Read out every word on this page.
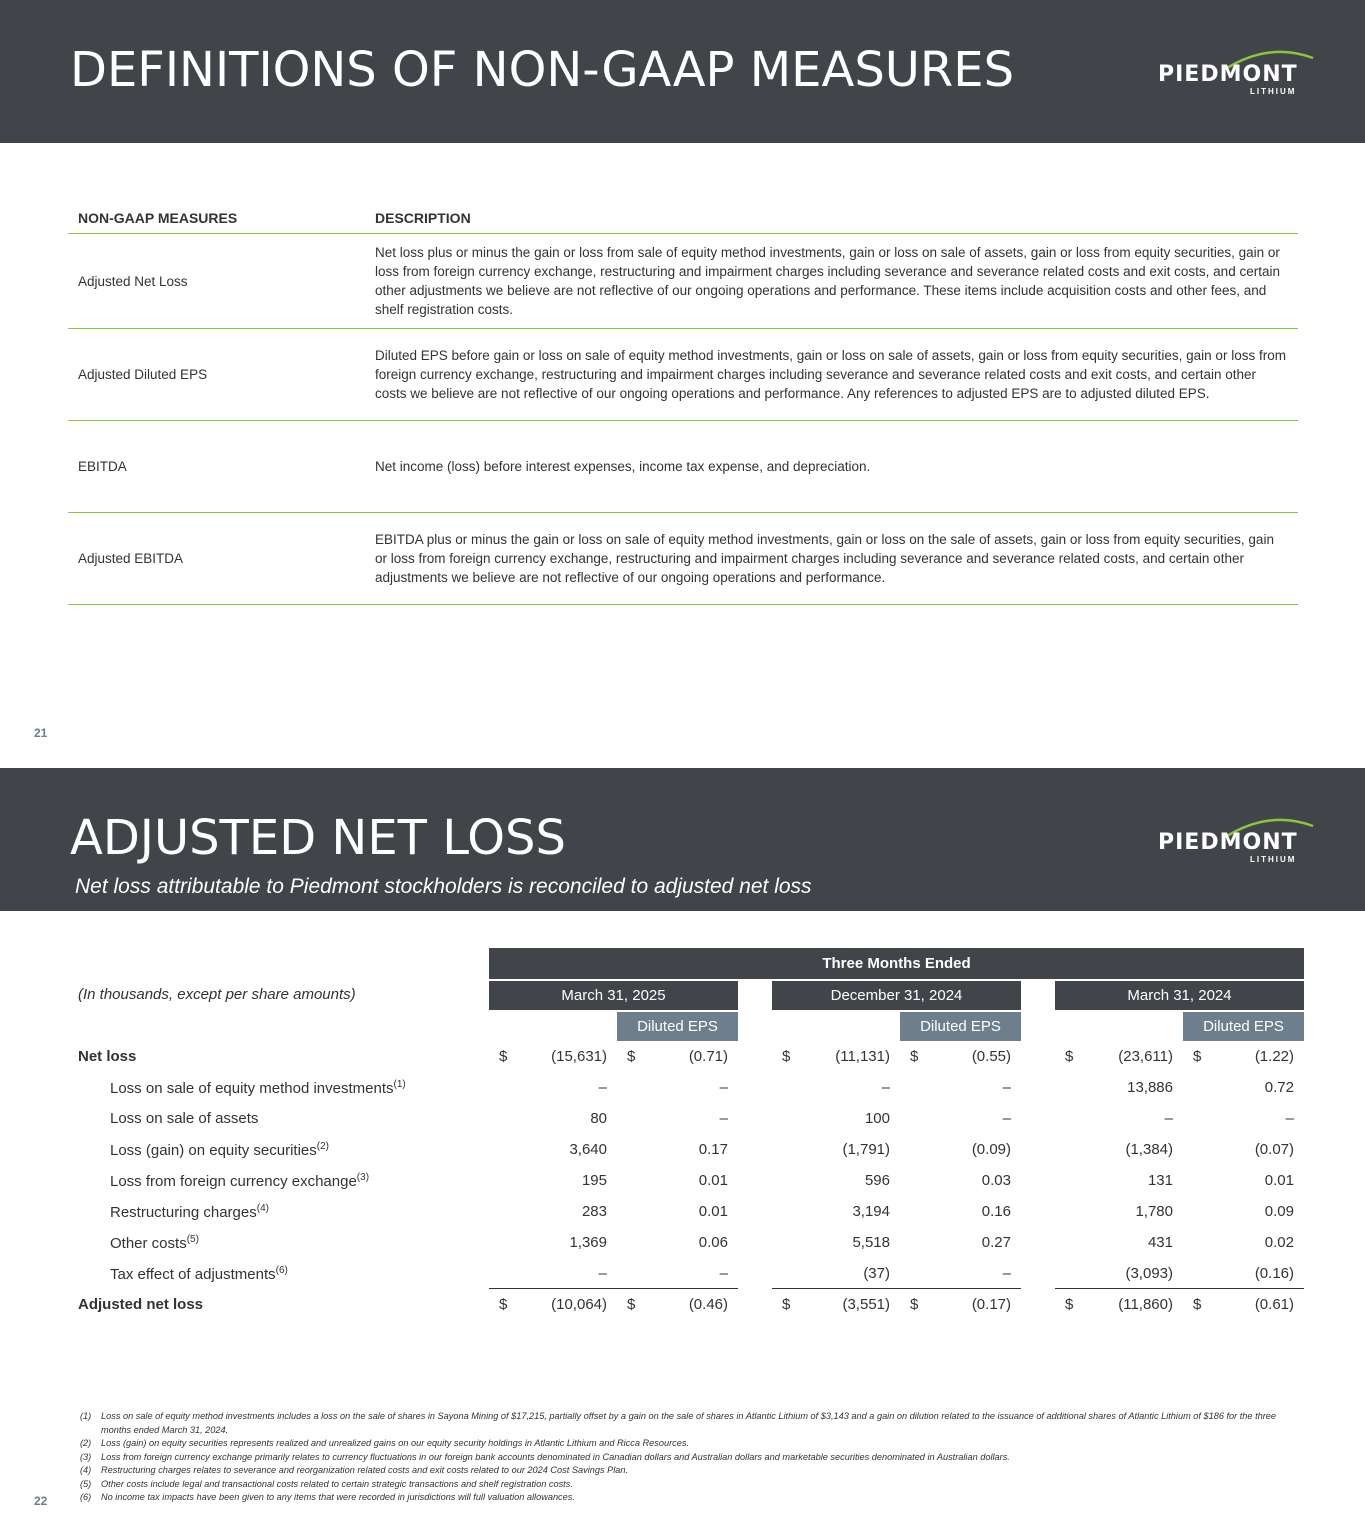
DEFINITIONS OF NON-GAAP MEASURES	PIEDMONT
LITHIUM
NON-GAAP MEASURES	DESCRIPTION
Adjusted Net Loss	Net loss plus or minus the gain or loss from sale of equity method investments, gain or loss on sale of assets, gain or loss from equity securities, gain or loss from foreign currency exchange, restructuring and impairment charges including severance and severance related costs and exit costs, and certain other adjustments we believe are not reflective of our ongoing operations and performance. These items include acquisition costs and other fees, and shelf registration costs.
Adjusted Diluted EPS	Diluted EPS before gain or loss on sale of equity method investments, gain or loss on sale of assets, gain or loss from equity securities, gain or loss from foreign currency exchange, restructuring and impairment charges including severance and severance related costs and exit costs, and certain other costs we believe are not reflective of our ongoing operations and performance. Any references to adjusted EPS are to adjusted diluted EPS.
EBITDA	Net income (loss) before interest expenses, income tax expense, and depreciation.
Adjusted EBITDA	EBITDA plus or minus the gain or loss on sale of equity method investments, gain or loss on the sale of assets, gain or loss from equity securities, gain or loss from foreign currency exchange, restructuring and impairment charges including severance and severance related costs, and certain other adjustments we believe are not reflective of our ongoing operations and performance.
21
ADJUSTED NET LOSS
Net loss attributable to Piedmont stockholders is reconciled to adjusted net loss
PIEDMONT
LITHIUM
	Three Months Ended													
(In thousands, except per share amounts)	March 31, 2025					December 31, 2024					March 31, 2024			
			Diluted EPS					Diluted EPS					Diluted EPS	
Net loss	$	(15,631)	$	(0.71)		$	(11,131)	$	(0.55)		$	(23,611)	$	(1.22)
Loss on sale of equity method investments$^{(1)}$		–		–			–		–			13,886		0.72
Loss on sale of assets		80		–			100		–			–		–
Loss (gain) on equity securities$^{(2)}$		3,640		0.17			(1,791)		(0.09)			(1,384)		(0.07)
Loss from foreign currency exchange$^{(3)}$		195		0.01			596		0.03			131		0.01
Restructuring charges$^{(4)}$		283		0.01			3,194		0.16			1,780		0.09
Other costs$^{(5)}$		1,369		0.06			5,518		0.27			431		0.02
Tax effect of adjustments$^{(6)}$		–		–			(37)		–			(3,093)		(0.16)
Adjusted net loss	$	(10,064)	$	(0.46)		$	(3,551)	$	(0.17)		$	(11,860)	$	(0.61)
(1)	Loss on sale of equity method investments includes a loss on the sale of shares in Sayona Mining of $17,215, partially offset by a gain on the sale of shares in Atlantic Lithium of $3,143 and a gain on dilution related to the issuance of additional shares of Atlantic Lithium of $186 for the three months ended March 31, 2024.
(2)	Loss (gain) on equity securities represents realized and unrealized gains on our equity security holdings in Atlantic Lithium and Ricca Resources.
(3)	Loss from foreign currency exchange primarily relates to currency fluctuations in our foreign bank accounts denominated in Canadian dollars and Australian dollars and marketable securities denominated in Australian dollars.
(4)	Restructuring charges relates to severance and reorganization related costs and exit costs related to our 2024 Cost Savings Plan.
(5)	Other costs include legal and transactional costs related to certain strategic transactions and shelf registration costs.
(6)	No income tax impacts have been given to any items that were recorded in jurisdictions will full valuation allowances.
22
